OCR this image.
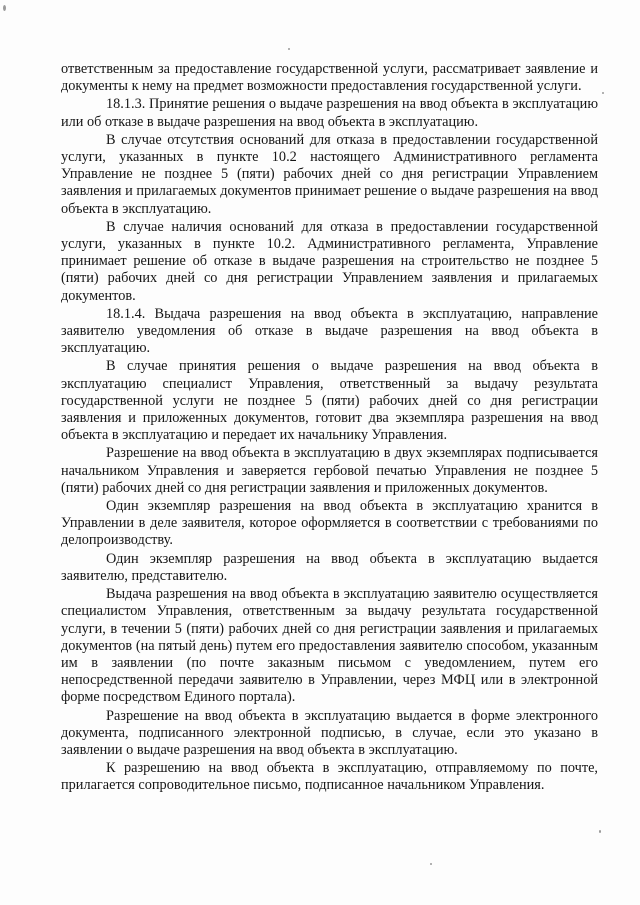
ответственным за предоставление государственной услуги, рассматривает заявление и документы к нему на предмет возможности предоставления государственной услуги.

18.1.3. Принятие решения о выдаче разрешения на ввод объекта в эксплуатацию или об отказе в выдаче разрешения на ввод объекта в эксплуатацию.

В случае отсутствия оснований для отказа в предоставлении государственной услуги, указанных в пункте 10.2 настоящего Административного регламента Управление не позднее 5 (пяти) рабочих дней со дня регистрации Управлением заявления и прилагаемых документов принимает решение о выдаче разрешения на ввод объекта в эксплуатацию.

В случае наличия оснований для отказа в предоставлении государственной услуги, указанных в пункте 10.2. Административного регламента, Управление принимает решение об отказе в выдаче разрешения на строительство не позднее 5 (пяти) рабочих дней со дня регистрации Управлением заявления и прилагаемых документов.

18.1.4. Выдача разрешения на ввод объекта в эксплуатацию, направление заявителю уведомления об отказе в выдаче разрешения на ввод объекта в эксплуатацию.

В случае принятия решения о выдаче разрешения на ввод объекта в эксплуатацию специалист Управления, ответственный за выдачу результата государственной услуги не позднее 5 (пяти) рабочих дней со дня регистрации заявления и приложенных документов, готовит два экземпляра разрешения на ввод объекта в эксплуатацию и передает их начальнику Управления.

Разрешение на ввод объекта в эксплуатацию в двух экземплярах подписывается начальником Управления и заверяется гербовой печатью Управления не позднее 5 (пяти) рабочих дней со дня регистрации заявления и приложенных документов.

Один экземпляр разрешения на ввод объекта в эксплуатацию хранится в Управлении в деле заявителя, которое оформляется в соответствии с требованиями по делопроизводству.

Один экземпляр разрешения на ввод объекта в эксплуатацию выдается заявителю, представителю.

Выдача разрешения на ввод объекта в эксплуатацию заявителю осуществляется специалистом Управления, ответственным за выдачу результата государственной услуги, в течении 5 (пяти) рабочих дней со дня регистрации заявления и прилагаемых документов (на пятый день) путем его предоставления заявителю способом, указанным им в заявлении (по почте заказным письмом с уведомлением, путем его непосредственной передачи заявителю в Управлении, через МФЦ или в электронной форме посредством Единого портала).

Разрешение на ввод объекта в эксплуатацию выдается в форме электронного документа, подписанного электронной подписью, в случае, если это указано в заявлении о выдаче разрешения на ввод объекта в эксплуатацию.

К разрешению на ввод объекта в эксплуатацию, отправляемому по почте, прилагается сопроводительное письмо, подписанное начальником Управления.
